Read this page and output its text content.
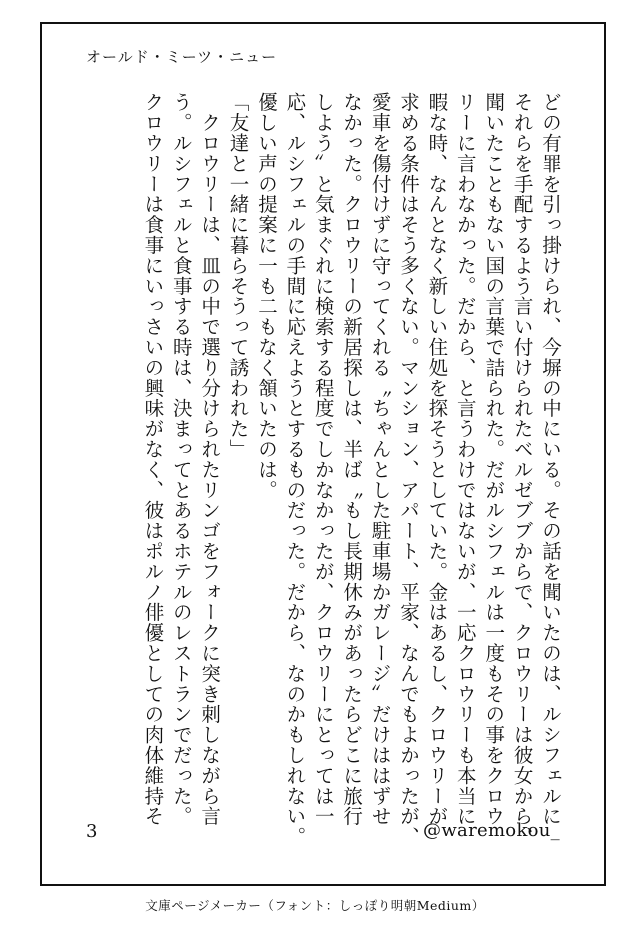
オールド・ミーツ・ニュー

どの有罪を引っ掛けられ、今塀の中にいる。その話を聞いたのは、ルシフェルに

それらを手配するよう言い付けられたベルゼブブからで、クロウリーは彼女から、

聞いたこともない国の言葉で詰られた。だがルシフェルは一度もその事をクロウ

リーに言わなかった。だから、と言うわけではないが、一応クロウリーも本当に

暇な時、なんとなく新しい住処を探そうとしていた。金はあるし、クロウリーが

求める条件はそう多くない。マンション、アパート、平家、なんでもよかったが、

愛車を傷付けずに守ってくれる〝ちゃんとした駐車場かガレージ〟だけははずせ

なかった。クロウリーの新居探しは、半ば〝もし長期休みがあったらどこに旅行

しよう〟と気まぐれに検索する程度でしかなかったが、クロウリーにとっては一

応、ルシフェルの手間に応えようとするものだった。だから、なのかもしれない。

優しい声の提案に一も二もなく頷いたのは。

「友達と一緒に暮らそうって誘われた」

　クロウリーは、皿の中で選り分けられたリンゴをフォークに突き刺しながら言

う。ルシフェルと食事する時は、決まってとあるホテルのレストランでだった。

クロウリーは食事にいっさいの興味がなく、彼はポルノ俳優としての肉体維持そ

3	@waremokou_
文庫ページメーカー（フォント：しっぽり明朝Medium）
